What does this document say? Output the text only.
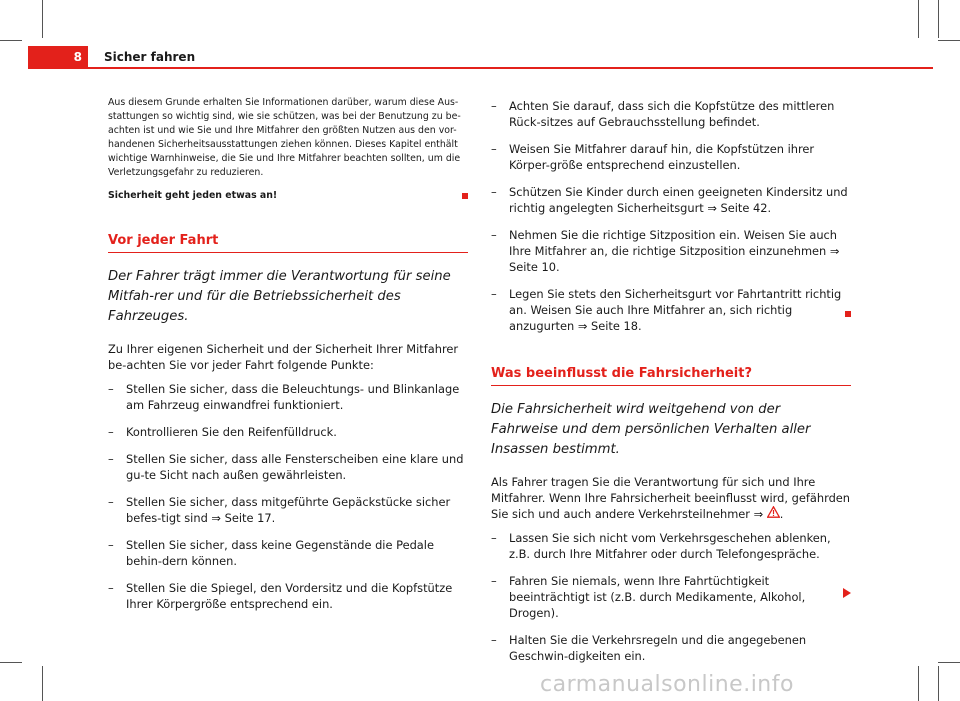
8	Sicher fahren

Aus diesem Grunde erhalten Sie Informationen darüber, warum diese Aus-stattungen so wichtig sind, wie sie schützen, was bei der Benutzung zu be-achten ist und wie Sie und Ihre Mitfahrer den größten Nutzen aus den vor-handenen Sicherheitsausstattungen ziehen können. Dieses Kapitel enthält wichtige Warnhinweise, die Sie und Ihre Mitfahrer beachten sollten, um die Verletzungsgefahr zu reduzieren.

Sicherheit geht jeden etwas an!

Vor jeder Fahrt

Der Fahrer trägt immer die Verantwortung für seine Mitfah-rer und für die Betriebssicherheit des Fahrzeuges.

Zu Ihrer eigenen Sicherheit und der Sicherheit Ihrer Mitfahrer be-achten Sie vor jeder Fahrt folgende Punkte:

– Stellen Sie sicher, dass die Beleuchtungs- und Blinkanlage am Fahrzeug einwandfrei funktioniert.
– Kontrollieren Sie den Reifenfülldruck.
– Stellen Sie sicher, dass alle Fensterscheiben eine klare und gu-te Sicht nach außen gewährleisten.
– Stellen Sie sicher, dass mitgeführte Gepäckstücke sicher befes-tigt sind ⇒ Seite 17.
– Stellen Sie sicher, dass keine Gegenstände die Pedale behin-dern können.
– Stellen Sie die Spiegel, den Vordersitz und die Kopfstütze Ihrer Körpergröße entsprechend ein.
– Achten Sie darauf, dass sich die Kopfstütze des mittleren Rück-sitzes auf Gebrauchsstellung befindet.
– Weisen Sie Mitfahrer darauf hin, die Kopfstützen ihrer Körper-größe entsprechend einzustellen.
– Schützen Sie Kinder durch einen geeigneten Kindersitz und richtig angelegten Sicherheitsgurt ⇒ Seite 42.
– Nehmen Sie die richtige Sitzposition ein. Weisen Sie auch Ihre Mitfahrer an, die richtige Sitzposition einzunehmen ⇒ Seite 10.
– Legen Sie stets den Sicherheitsgurt vor Fahrtantritt richtig an. Weisen Sie auch Ihre Mitfahrer an, sich richtig anzugurten ⇒ Seite 18.
Was beeinflusst die Fahrsicherheit?

Die Fahrsicherheit wird weitgehend von der Fahrweise und dem persönlichen Verhalten aller Insassen bestimmt.

Als Fahrer tragen Sie die Verantwortung für sich und Ihre Mitfahrer. Wenn Ihre Fahrsicherheit beeinflusst wird, gefährden Sie sich und auch andere Verkehrsteilnehmer ⇒ .

– Lassen Sie sich nicht vom Verkehrsgeschehen ablenken, z.B. durch Ihre Mitfahrer oder durch Telefongespräche.
– Fahren Sie niemals, wenn Ihre Fahrtüchtigkeit beeinträchtigt ist (z.B. durch Medikamente, Alkohol, Drogen).
– Halten Sie die Verkehrsregeln und die angegebenen Geschwin-digkeiten ein.
carmanualsonline.info
